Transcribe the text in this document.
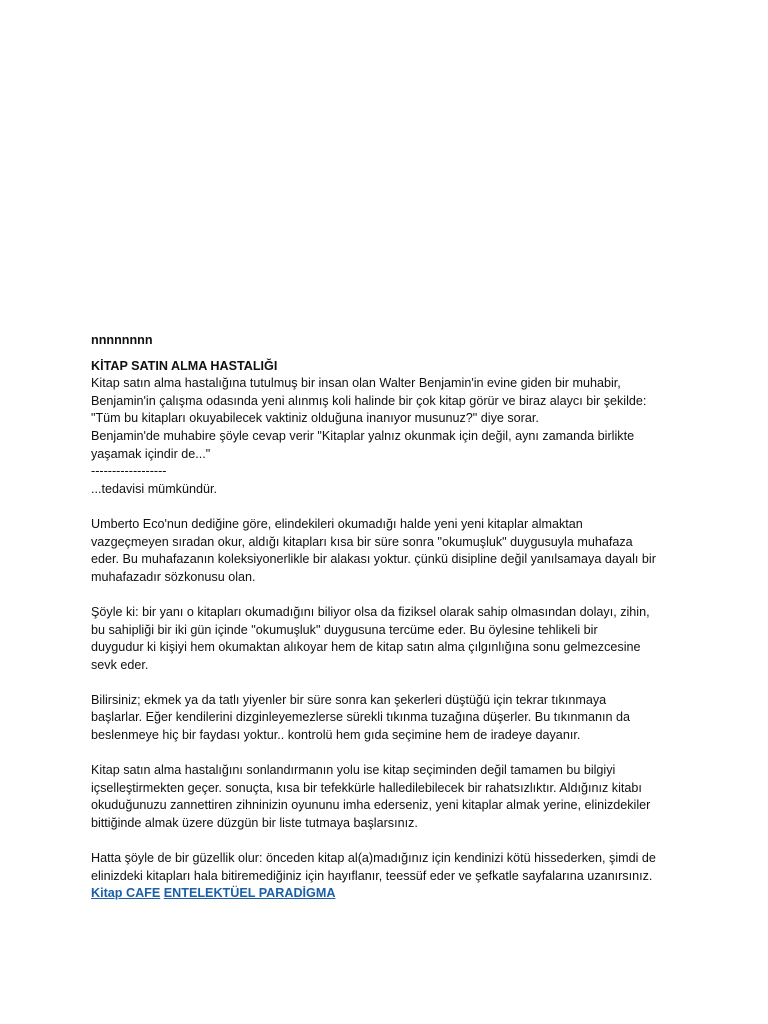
nnnnnnnn

KİTAP SATIN ALMA HASTALIĞI

Kitap satın alma hastalığına tutulmuş bir insan olan Walter Benjamin'in evine giden bir muhabir,

Benjamin'in çalışma odasında yeni alınmış koli halinde bir çok kitap görür ve biraz alaycı bir şekilde:

"Tüm bu kitapları okuyabilecek vaktiniz olduğuna inanıyor musunuz?" diye sorar.

Benjamin'de muhabire şöyle cevap verir "Kitaplar yalnız okunmak için değil, aynı zamanda birlikte

yaşamak içindir de..."

------------------

...tedavisi mümkündür.

Umberto Eco'nun dediğine göre, elindekileri okumadığı halde yeni yeni kitaplar almaktan

vazgeçmeyen sıradan okur, aldığı kitapları kısa bir süre sonra "okumuşluk" duygusuyla muhafaza

eder. Bu muhafazanın koleksiyonerlikle bir alakası yoktur. çünkü disipline değil yanılsamaya dayalı bir

muhafazadır sözkonusu olan.

Şöyle ki: bir yanı o kitapları okumadığını biliyor olsa da fiziksel olarak sahip olmasından dolayı, zihin,

bu sahipliği bir iki gün içinde "okumuşluk" duygusuna tercüme eder. Bu öylesine tehlikeli bir

duygudur ki kişiyi hem okumaktan alıkoyar hem de kitap satın alma çılgınlığına sonu gelmezcesine

sevk eder.

Bilirsiniz; ekmek ya da tatlı yiyenler bir süre sonra kan şekerleri düştüğü için tekrar tıkınmaya

başlarlar. Eğer kendilerini dizginleyemezlerse sürekli tıkınma tuzağına düşerler. Bu tıkınmanın da

beslenmeye hiç bir faydası yoktur.. kontrolü hem gıda seçimine hem de iradeye dayanır.

Kitap satın alma hastalığını sonlandırmanın yolu ise kitap seçiminden değil tamamen bu bilgiyi

içselleştirmekten geçer. sonuçta, kısa bir tefekkürle halledilebilecek bir rahatsızlıktır. Aldığınız kitabı

okuduğunuzu zannettiren zihninizin oyununu imha ederseniz, yeni kitaplar almak yerine, elinizdekiler

bittiğinde almak üzere düzgün bir liste tutmaya başlarsınız.

Hatta şöyle de bir güzellik olur: önceden kitap al(a)madığınız için kendinizi kötü hissederken, şimdi de

elinizdeki kitapları hala bitiremediğiniz için hayıflanır, teessüf eder ve şefkatle sayfalarına uzanırsınız.

Kitap CAFE ENTELEKTÜEL PARADİGMA
